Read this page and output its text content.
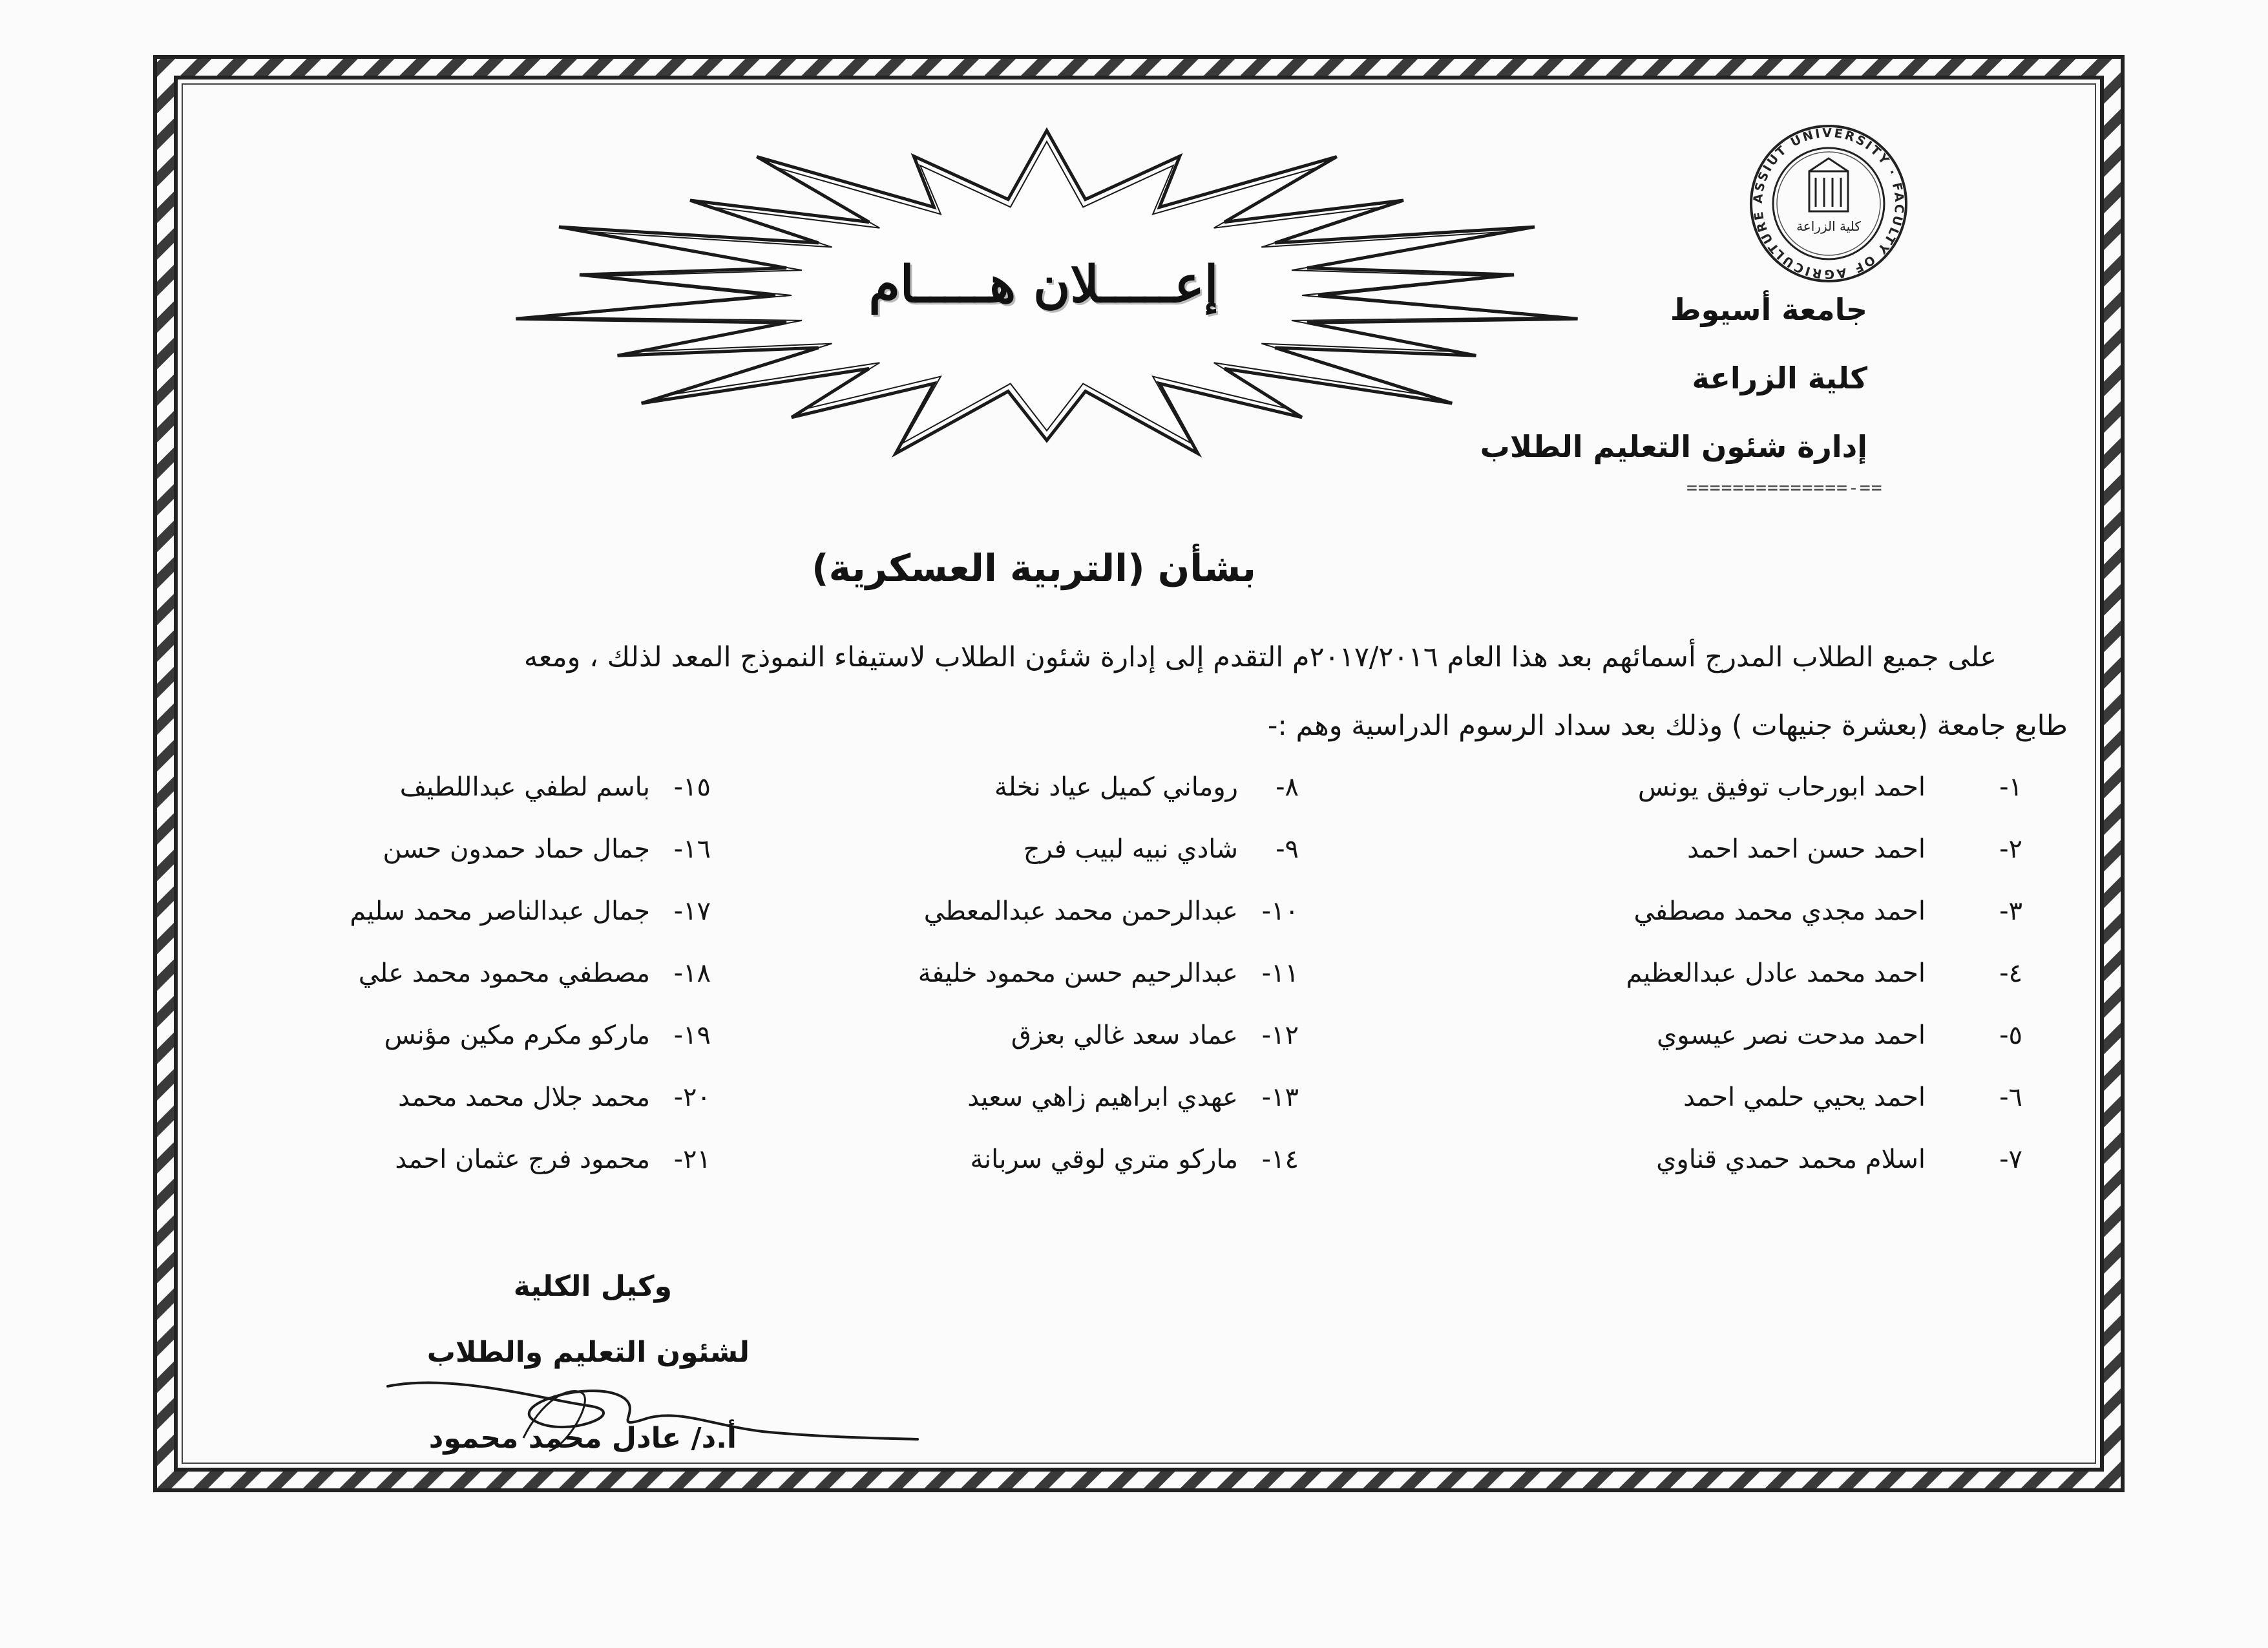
ASSIUT UNIVERSITY · FACULTY OF AGRICULTURE
كلية الزراعة
جامعة أسيوط
كلية الزراعة
إدارة شئون التعليم الطلاب
==============-==
إعـــــلان هـــــام
بشأن (التربية العسكرية)
على جميع الطلاب المدرج أسمائهم بعد هذا العام ٢٠١٧/٢٠١٦م التقدم إلى إدارة شئون الطلاب لاستيفاء النموذج المعد لذلك ، ومعه
طابع جامعة (بعشرة جنيهات ) وذلك بعد سداد الرسوم الدراسية وهم :-
١-احمد ابورحاب توفيق يونس
٢-احمد حسن احمد احمد
٣-احمد مجدي محمد مصطفي
٤-احمد محمد عادل عبدالعظيم
٥-احمد مدحت نصر عيسوي
٦-احمد يحيي حلمي احمد
٧-اسلام محمد حمدي قناوي
٨-روماني كميل عياد نخلة
٩-شادي نبيه لبيب فرج
١٠-عبدالرحمن محمد عبدالمعطي
١١-عبدالرحيم حسن محمود خليفة
١٢-عماد سعد غالي بعزق
١٣-عهدي ابراهيم زاهي سعيد
١٤-ماركو متري لوقي سربانة
١٥-باسم لطفي عبداللطيف
١٦-جمال حماد حمدون حسن
١٧-جمال عبدالناصر محمد سليم
١٨-مصطفي محمود محمد علي
١٩-ماركو مكرم مكين مؤنس
٢٠-محمد جلال محمد محمد
٢١-محمود فرج عثمان احمد
وكيل الكلية
لشئون التعليم والطلاب
أ.د/ عادل محمد محمود
